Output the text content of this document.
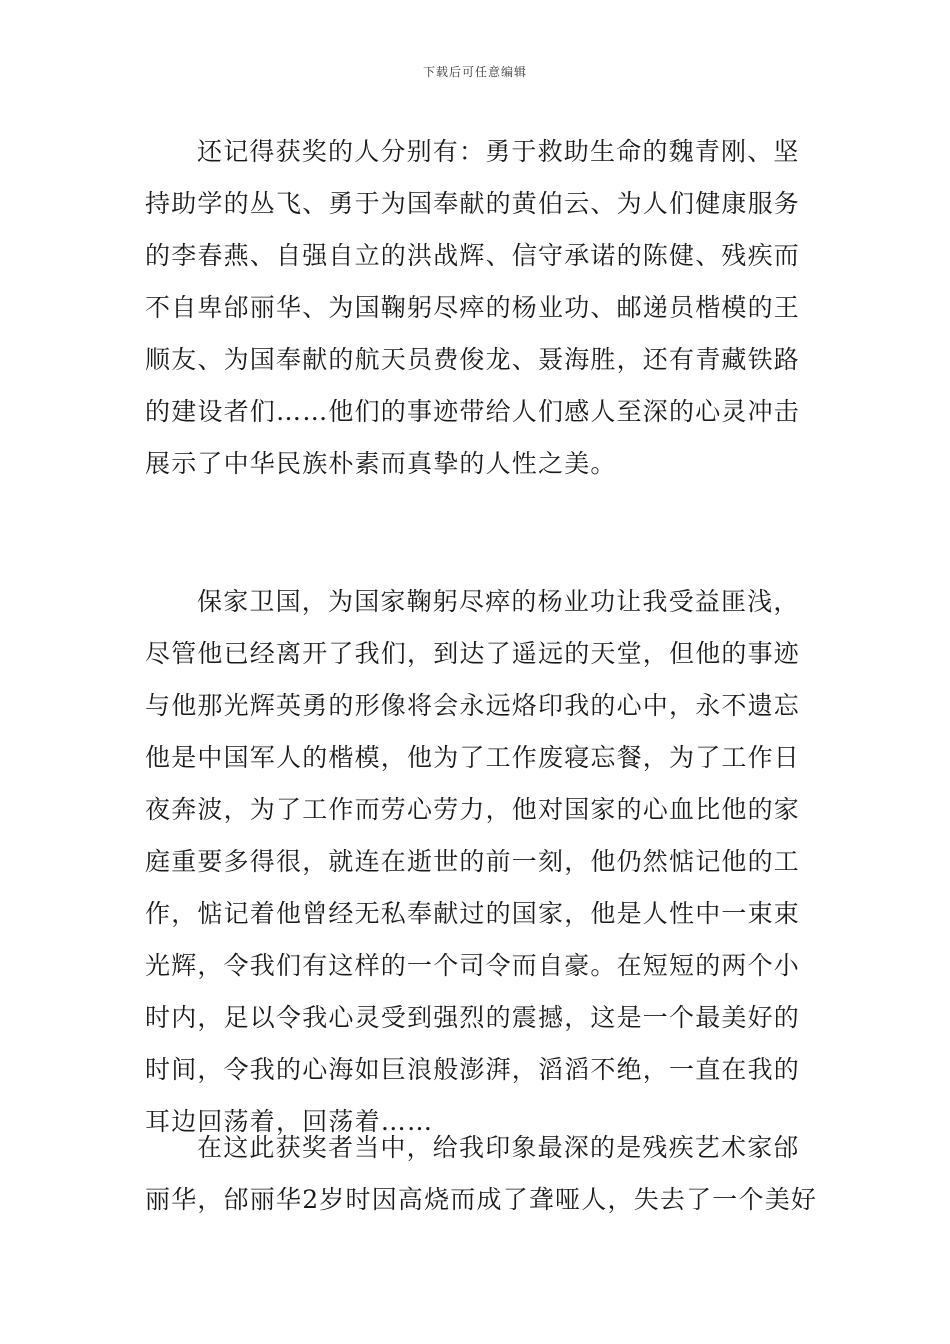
下载后可任意编辑
还记得获奖的人分别有：勇于救助生命的魏青刚、坚
持助学的丛飞、勇于为国奉献的黄伯云、为人们健康服务
的李春燕、自强自立的洪战辉、信守承诺的陈健、残疾而
不自卑邰丽华、为国鞠躬尽瘁的杨业功、邮递员楷模的王
顺友、为国奉献的航天员费俊龙、聂海胜，还有青藏铁路
的建设者们……他们的事迹带给人们感人至深的心灵冲击
展示了中华民族朴素而真挚的人性之美。
保家卫国，为国家鞠躬尽瘁的杨业功让我受益匪浅，
尽管他已经离开了我们，到达了遥远的天堂，但他的事迹
与他那光辉英勇的形像将会永远烙印我的心中，永不遗忘
他是中国军人的楷模，他为了工作废寝忘餐，为了工作日
夜奔波，为了工作而劳心劳力，他对国家的心血比他的家
庭重要多得很，就连在逝世的前一刻，他仍然惦记他的工
作，惦记着他曾经无私奉献过的国家，他是人性中一束束
光辉，令我们有这样的一个司令而自豪。在短短的两个小
时内，足以令我心灵受到强烈的震撼，这是一个最美好的
时间，令我的心海如巨浪般澎湃，滔滔不绝，一直在我的
耳边回荡着，回荡着……
在这此获奖者当中，给我印象最深的是残疾艺术家邰
丽华，邰丽华2岁时因高烧而成了聋哑人，失去了一个美好
